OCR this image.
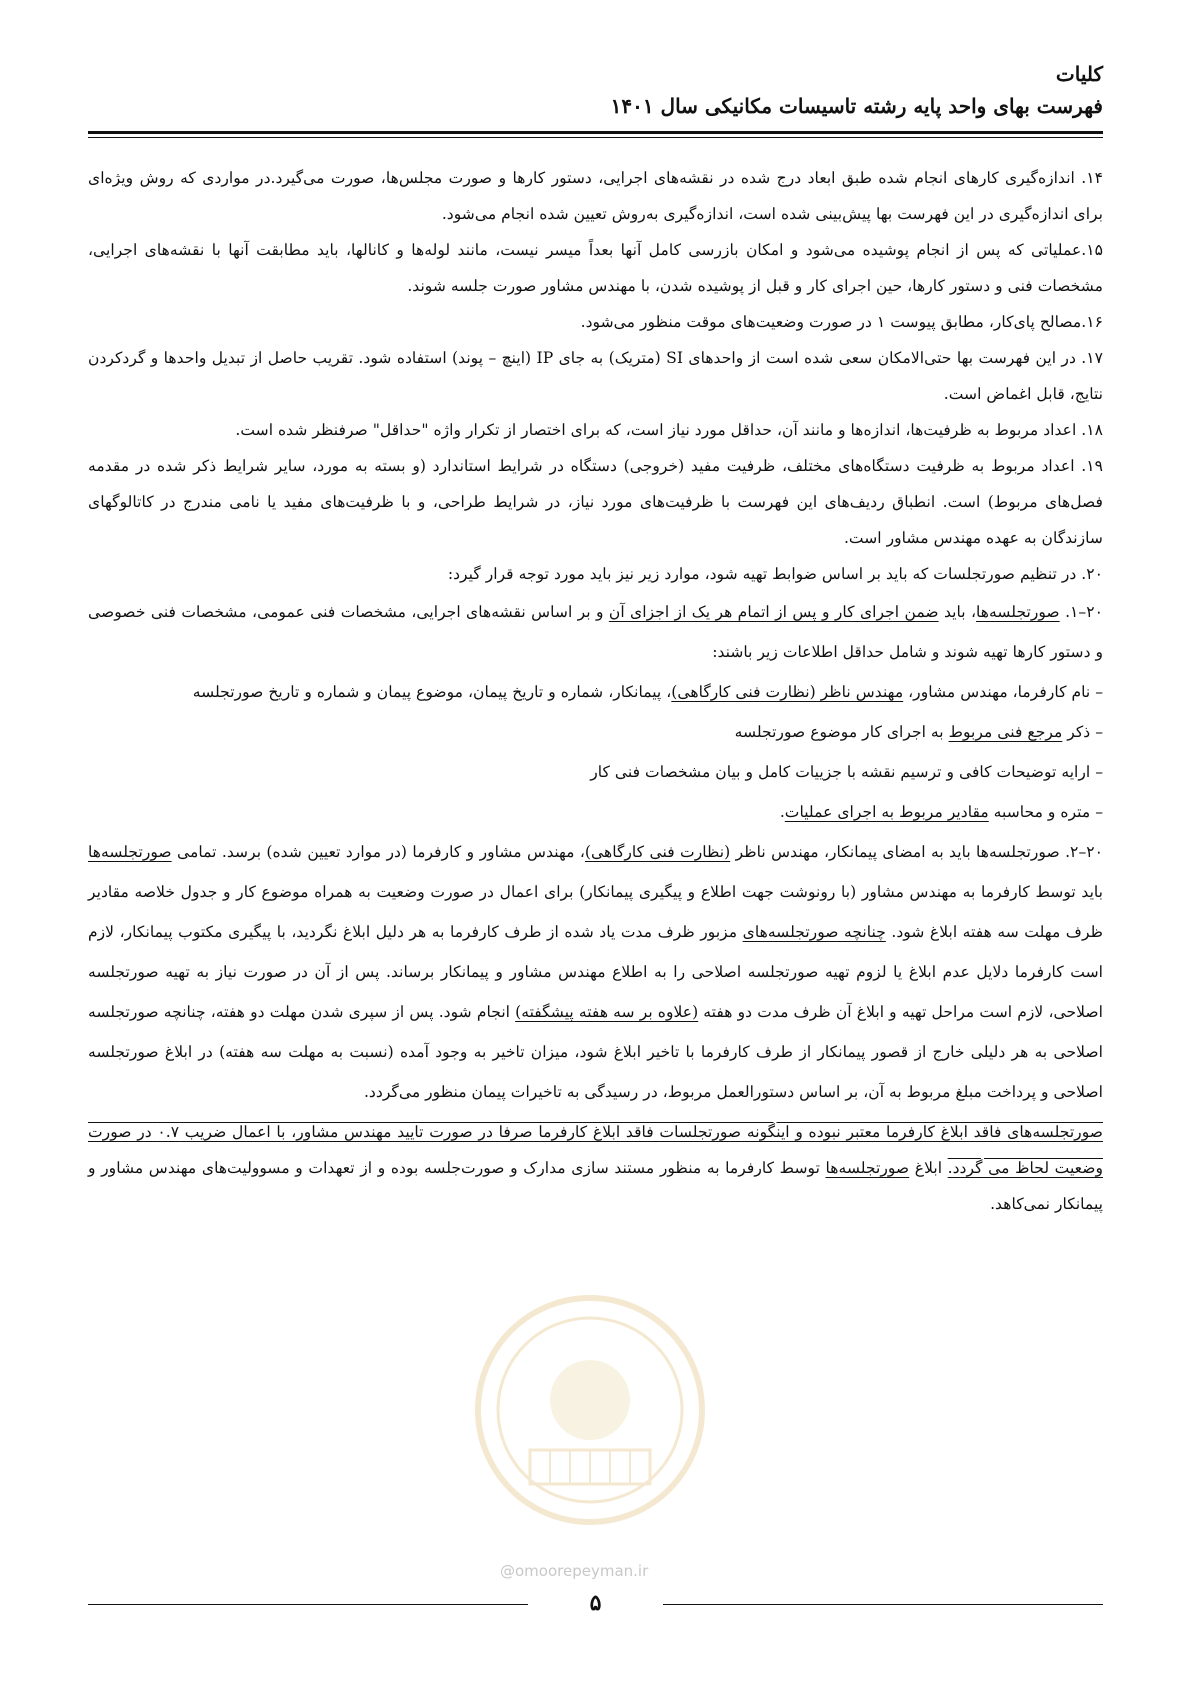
کلیات
فهرست بهای واحد پایه رشته تاسیسات مکانیکی سال ۱۴۰۱

۱۴. اندازه‌گیری کارهای انجام شده طبق ابعاد درج شده در نقشه‌های اجرایی، دستور کارها و صورت مجلس‌ها، صورت می‌گیرد.در مواردی که روش ویژه‌ای برای اندازه‌گیری در این فهرست بها پیش‌بینی شده است، اندازه‌گیری به‌روش تعیین شده انجام می‌شود.

۱۵.عملیاتی که پس از انجام پوشیده می‌شود و امکان بازرسی کامل آنها بعداً میسر نیست، مانند لوله‌ها و کانالها، باید مطابقت آنها با نقشه‌های اجرایی، مشخصات فنی و دستور کارها، حین اجرای کار و قبل از پوشیده شدن، با مهندس مشاور صورت جلسه شوند.

۱۶.مصالح پای‌کار، مطابق پیوست ۱ در صورت وضعیت‌های موقت منظور می‌شود.

۱۷. در این فهرست بها حتی‌الامکان سعی شده است از واحدهای SI (متریک) به جای IP (اینچ – پوند) استفاده شود. تقریب حاصل از تبدیل واحدها و گردکردن نتایج، قابل اغماض است.

۱۸. اعداد مربوط به ظرفیت‌ها، اندازه‌ها و مانند آن، حداقل مورد نیاز است، که برای اختصار از تکرار واژه "حداقل" صرفنظر شده است.

۱۹. اعداد مربوط به ظرفیت دستگاه‌های مختلف، ظرفیت مفید (خروجی) دستگاه در شرایط استاندارد (و بسته به مورد، سایر شرایط ذکر شده در مقدمه فصل‌های مربوط) است. انطباق ردیف‌های این فهرست با ظرفیت‌های مورد نیاز، در شرایط طراحی، و با ظرفیت‌های مفید یا نامی مندرج در کاتالوگهای سازندگان به عهده مهندس مشاور است.

۲۰. در تنظیم صورتجلسات که باید بر اساس ضوابط تهیه شود، موارد زیر نیز باید مورد توجه قرار گیرد:

۲۰–۱. صورتجلسه‌ها، باید ضمن اجرای کار و پس از اتمام هر یک از اجزای آن و بر اساس نقشه‌های اجرایی، مشخصات فنی عمومی، مشخصات فنی خصوصی و دستور کارها تهیه شوند و شامل حداقل اطلاعات زیر باشند:

– نام کارفرما، مهندس مشاور، مهندس ناظر (نظارت فنی کارگاهی)، پیمانکار، شماره و تاریخ پیمان، موضوع پیمان و شماره و تاریخ صورتجلسه

– ذکر مرجع فنی مربوط به اجرای کار موضوع صورتجلسه

– ارایه توضیحات کافی و ترسیم نقشه با جزییات کامل و بیان مشخصات فنی کار

– متره و محاسبه مقادیر مربوط به اجرای عملیات.

۲۰–۲. صورتجلسه‌ها باید به امضای پیمانکار، مهندس ناظر (نظارت فنی کارگاهی)، مهندس مشاور و کارفرما (در موارد تعیین شده) برسد. تمامی صورتجلسه‌ها باید توسط کارفرما به مهندس مشاور (با رونوشت جهت اطلاع و پیگیری پیمانکار) برای اعمال در صورت وضعیت به همراه موضوع کار و جدول خلاصه مقادیر ظرف مهلت سه هفته ابلاغ شود. چنانچه صورتجلسه‌های مزبور ظرف مدت یاد شده از طرف کارفرما به هر دلیل ابلاغ نگردید، با پیگیری مکتوب پیمانکار، لازم است کارفرما دلایل عدم ابلاغ یا لزوم تهیه صورتجلسه اصلاحی را به اطلاع مهندس مشاور و پیمانکار برساند. پس از آن در صورت نیاز به تهیه صورتجلسه اصلاحی، لازم است مراحل تهیه و ابلاغ آن ظرف مدت دو هفته (علاوه بر سه هفته پیشگفته) انجام شود. پس از سپری شدن مهلت دو هفته، چنانچه صورتجلسه اصلاحی به هر دلیلی خارج از قصور پیمانکار از طرف کارفرما با تاخیر ابلاغ شود، میزان تاخیر به وجود آمده (نسبت به مهلت سه هفته) در ابلاغ صورتجلسه اصلاحی و پرداخت مبلغ مربوط به آن، بر اساس دستورالعمل مربوط، در رسیدگی به تاخیرات پیمان منظور می‌گردد.

صورتجلسه‌های فاقد ابلاغ کارفرما معتبر نبوده و اینگونه صورتجلسات فاقد ابلاغ کارفرما صرفا در صورت تایید مهندس مشاور، با اعمال ضریب ۰.۷ در صورت وضعیت لحاظ می گردد. ابلاغ صورتجلسه‌ها توسط کارفرما به منظور مستند سازی مدارک و صورت‌جلسه بوده و از تعهدات و مسوولیت‌های مهندس مشاور و پیمانکار نمی‌کاهد.

@omoorepeyman.ir
۵
